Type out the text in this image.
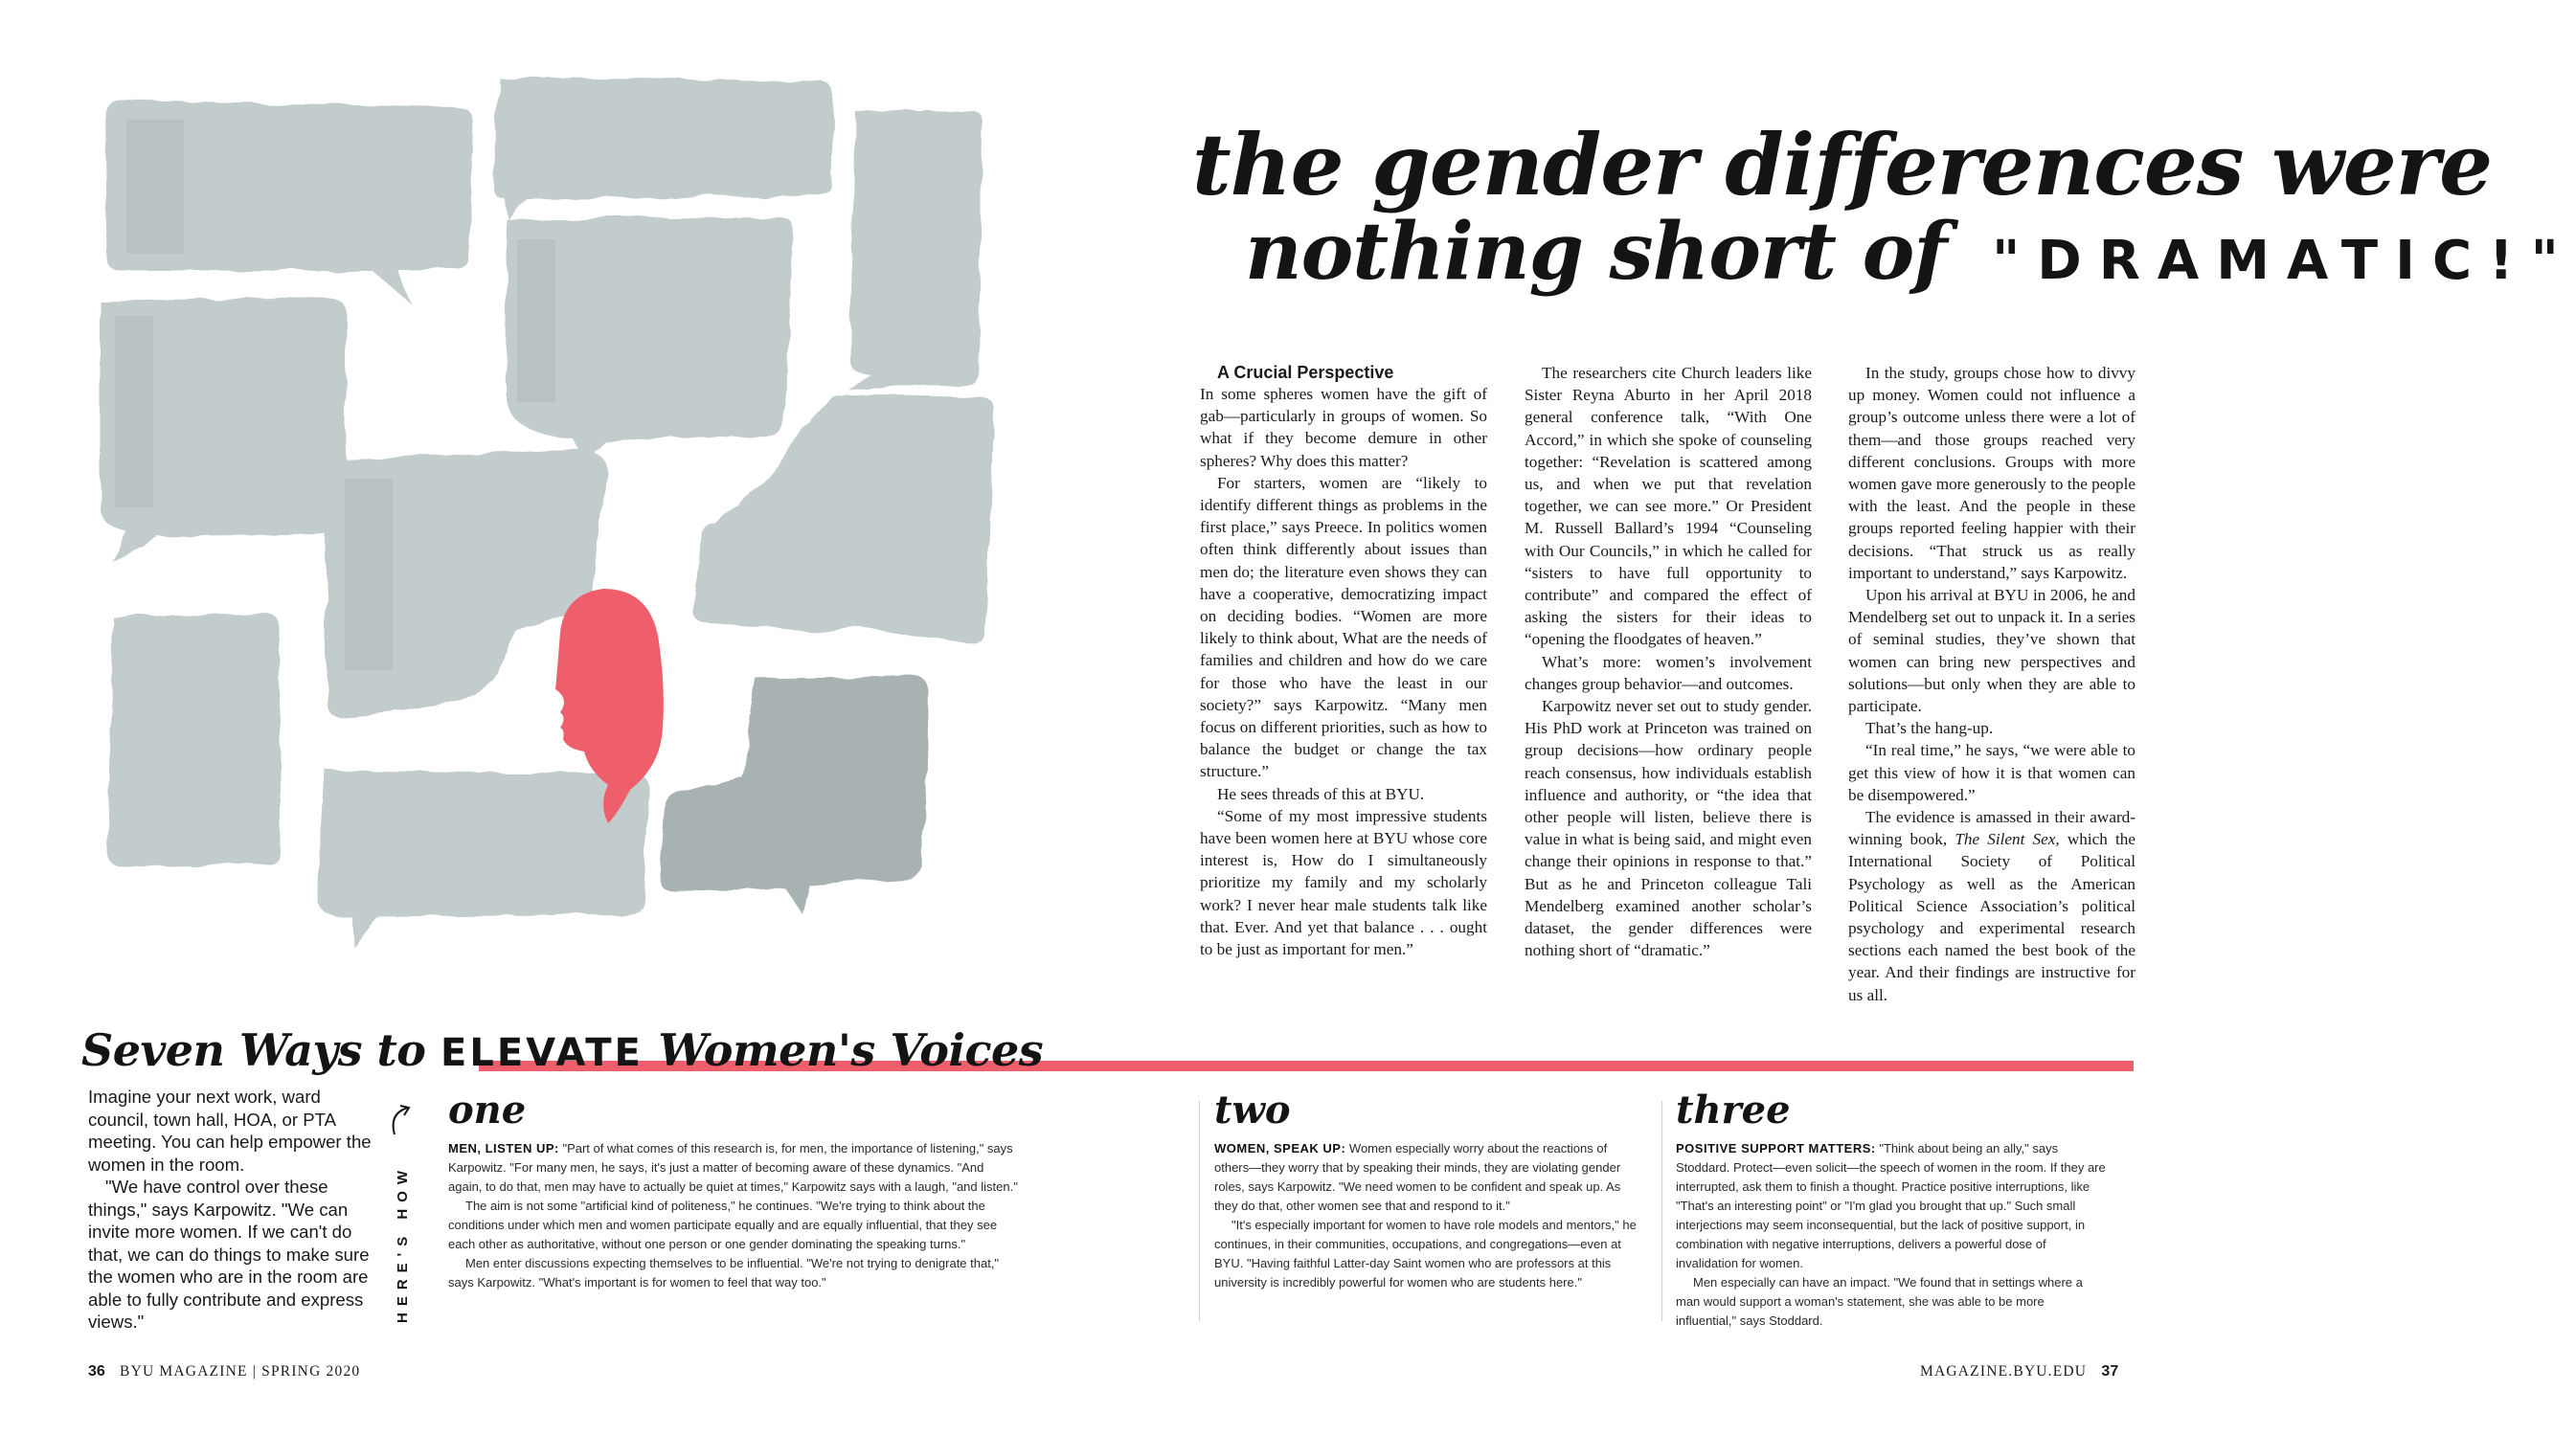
the gender differences were
nothing short of "DRAMATIC!"

A Crucial Perspective

In some spheres women have the gift of gab—particularly in groups of women. So what if they become demure in other spheres? Why does this matter?

For starters, women are “likely to identify different things as problems in the first place,” says Preece. In politics women often think differently about issues than men do; the literature even shows they can have a cooperative, democratizing impact on deciding bodies. “Women are more likely to think about, What are the needs of families and children and how do we care for those who have the least in our society?” says Karpowitz. “Many men focus on different priorities, such as how to balance the budget or change the tax structure.”

He sees threads of this at BYU.

“Some of my most impressive students have been women here at BYU whose core interest is, How do I simultaneously prioritize my family and my scholarly work? I never hear male students talk like that. Ever. And yet that balance . . . ought to be just as important for men.”

The researchers cite Church leaders like Sister Reyna Aburto in her April 2018 general conference talk, “With One Accord,” in which she spoke of counseling together: “Revelation is scattered among us, and when we put that revelation together, we can see more.” Or President M. Russell Ballard’s 1994 “Counseling with Our Councils,” in which he called for “sisters to have full opportunity to contribute” and compared the effect of asking the sisters for their ideas to “opening the floodgates of heaven.”

What’s more: women’s involvement changes group behavior—and outcomes.

Karpowitz never set out to study gender. His PhD work at Princeton was trained on group decisions—how ordinary people reach consensus, how individuals establish influence and authority, or “the idea that other people will listen, believe there is value in what is being said, and might even change their opinions in response to that.” But as he and Princeton colleague Tali Mendelberg examined another scholar’s dataset, the gender differences were nothing short of “dramatic.”

In the study, groups chose how to divvy up money. Women could not influence a group’s outcome unless there were a lot of them—and those groups reached very different conclusions. Groups with more women gave more generously to the people with the least. And the people in these groups reported feeling happier with their decisions. “That struck us as really important to understand,” says Karpowitz.

Upon his arrival at BYU in 2006, he and Mendelberg set out to unpack it. In a series of seminal studies, they’ve shown that women can bring new perspectives and solutions—but only when they are able to participate.

That’s the hang-up.

“In real time,” he says, “we were able to get this view of how it is that women can be disempowered.”

The evidence is amassed in their award-winning book, The Silent Sex, which the International Society of Political Psychology as well as the American Political Science Association’s political psychology and experimental research sections each named the best book of the year. And their findings are instructive for us all.

Seven Ways to ELEVATE Women's Voices

Imagine your next work, ward council, town hall, HOA, or PTA meeting. You can help empower the women in the room.

"We have control over these things," says Karpowitz. "We can invite more women. If we can't do that, we can do things to make sure the women who are in the room are able to fully contribute and express views."	HERE'S HOW
one

MEN, LISTEN UP: "Part of what comes of this research is, for men, the importance of listening," says Karpowitz. "For many men, he says, it's just a matter of becoming aware of these dynamics. "And again, to do that, men may have to actually be quiet at times," Karpowitz says with a laugh, "and listen."

The aim is not some "artificial kind of politeness," he continues. "We're trying to think about the conditions under which men and women participate equally and are equally influential, that they see each other as authoritative, without one person or one gender dominating the speaking turns."

Men enter discussions expecting themselves to be influential. "We're not trying to denigrate that," says Karpowitz. "What's important is for women to feel that way too."

two

WOMEN, SPEAK UP: Women especially worry about the reactions of others—they worry that by speaking their minds, they are violating gender roles, says Karpowitz. "We need women to be confident and speak up. As they do that, other women see that and respond to it."

"It's especially important for women to have role models and mentors," he continues, in their communities, occupations, and congregations—even at BYU. "Having faithful Latter-day Saint women who are professors at this university is incredibly powerful for women who are students here."

three

POSITIVE SUPPORT MATTERS: "Think about being an ally," says Stoddard. Protect—even solicit—the speech of women in the room. If they are interrupted, ask them to finish a thought. Practice positive interruptions, like "That's an interesting point" or "I'm glad you brought that up." Such small interjections may seem inconsequential, but the lack of positive support, in combination with negative interruptions, delivers a powerful dose of invalidation for women.

Men especially can have an impact. "We found that in settings where a man would support a woman's statement, she was able to be more influential," says Stoddard.

36 BYU MAGAZINE | SPRING 2020	MAGAZINE.BYU.EDU 37
